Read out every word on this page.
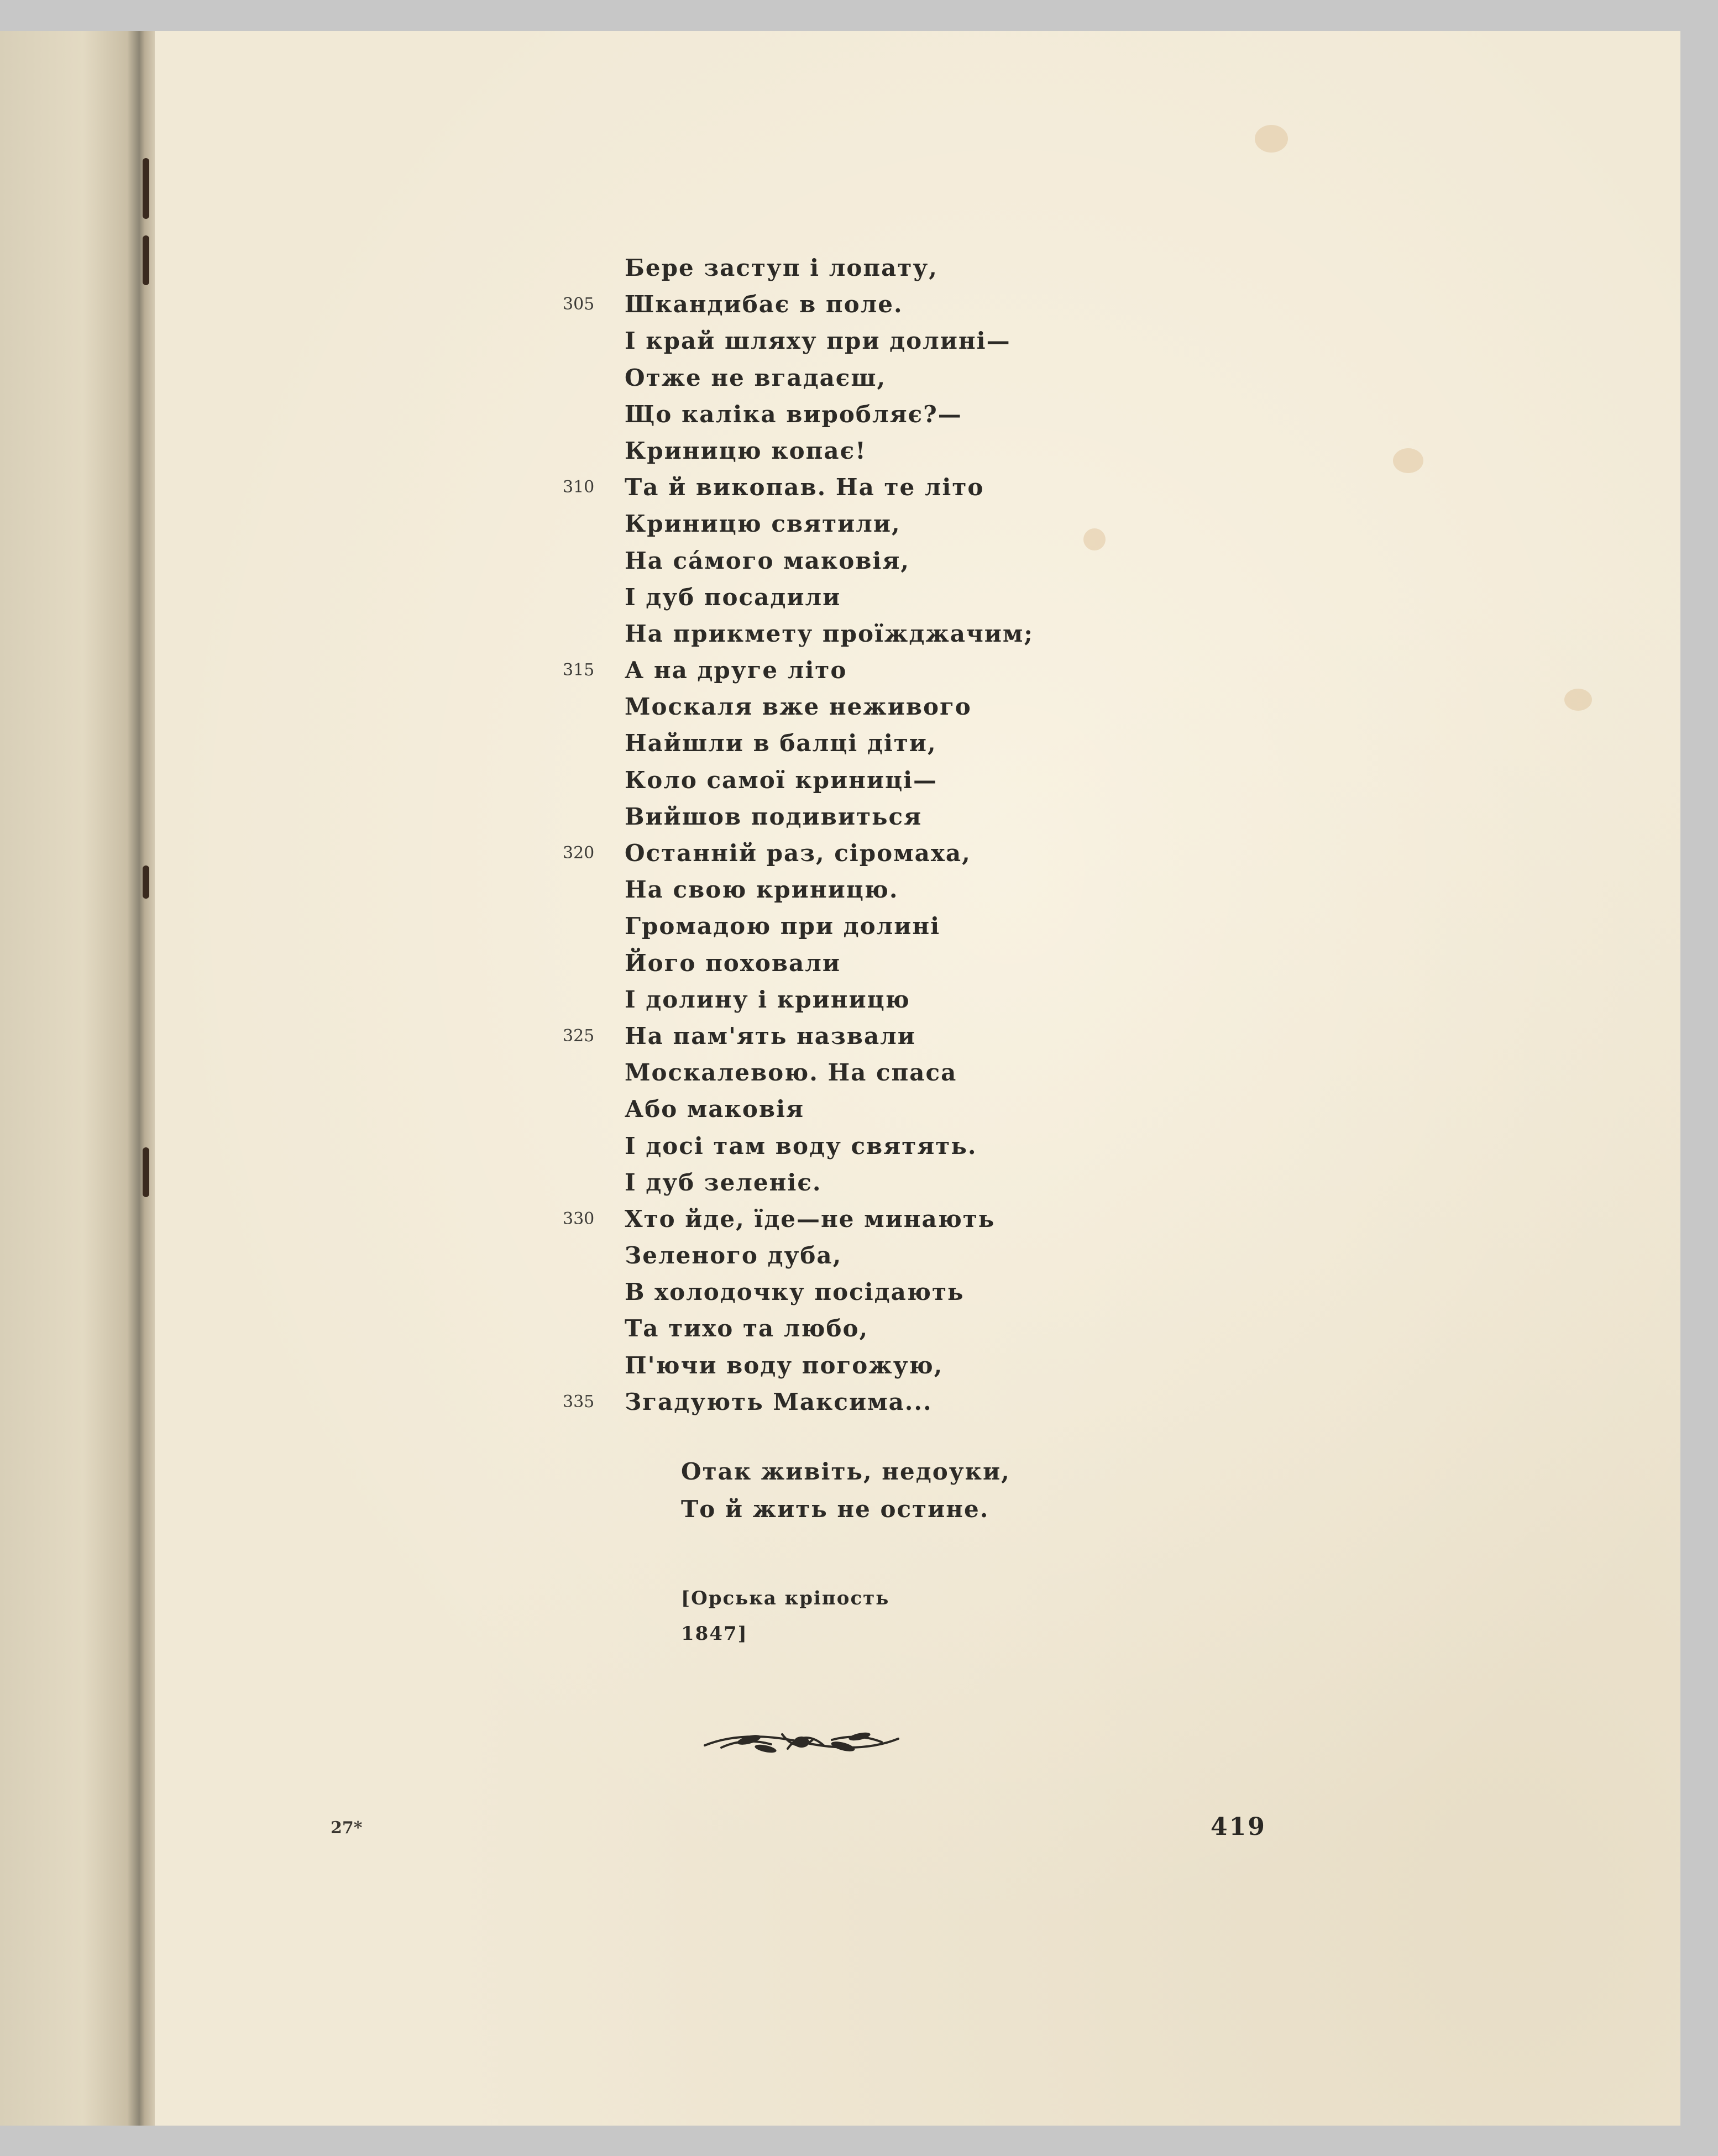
Бере заступ і лопату,
305	Шкандибає в поле.
І край шляху при долині—
Отже не вгадаєш,
Що каліка виробляє?—
Криницю копає!
310	Та й викопав. На те літо
Криницю святили,
На са́мого маковія,
І дуб посадили
На прикмету проїжджачим;
315	А на друге літо
Москаля вже неживого
Найшли в балці діти,
Коло самої криниці—
Вийшов подивиться
320	Останній раз, сіромаха,
На свою криницю.
Громадою при долині
Його поховали
І долину і криницю
325	На пам'ять назвали
Москалевою. На спаса
Або маковія
І досі там воду святять.
І дуб зеленіє.
330	Хто йде, їде—не минають
Зеленого дуба,
В холодочку посідають
Та тихо та любо,
П'ючи воду погожую,
335	Згадують Максима...
Отак живіть, недоуки,
То й жить не остине.
[Орська кріпость
1847]
27*	419
